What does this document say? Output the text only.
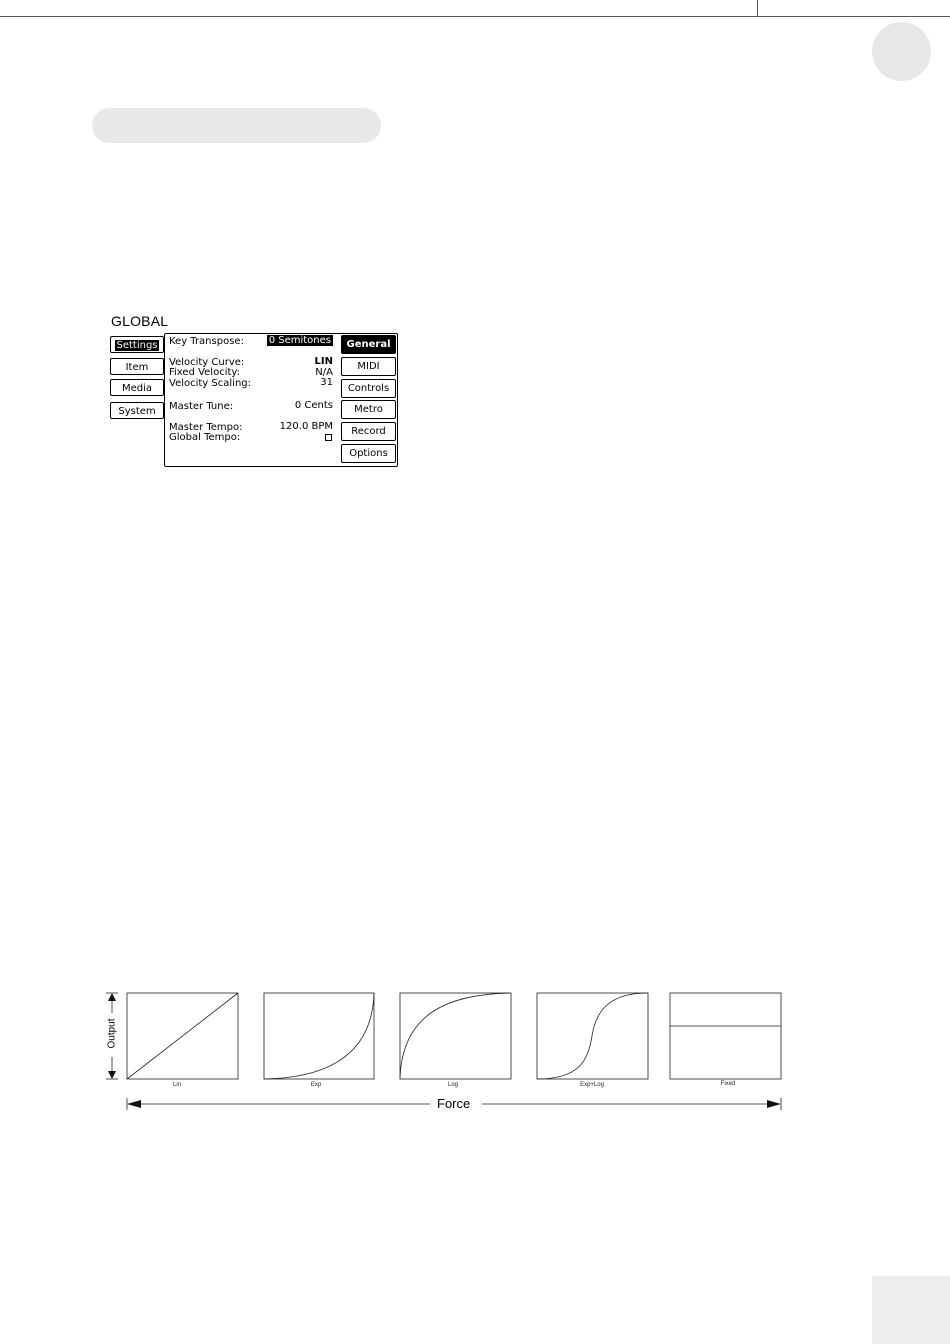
GLOBAL
Settings
Item
Media
System
Key Transpose: 0 Semitones
Velocity Curve:	LIN
Fixed Velocity:	N/A
Velocity Scaling:	31
Master Tune:	0 Cents
Master Tempo:	120.0 BPM
Global Tempo:
General
MIDI
Controls
Metro
Record
Options
Lin	Exp	Log	Exp+Log	Fixed
Output
Force
